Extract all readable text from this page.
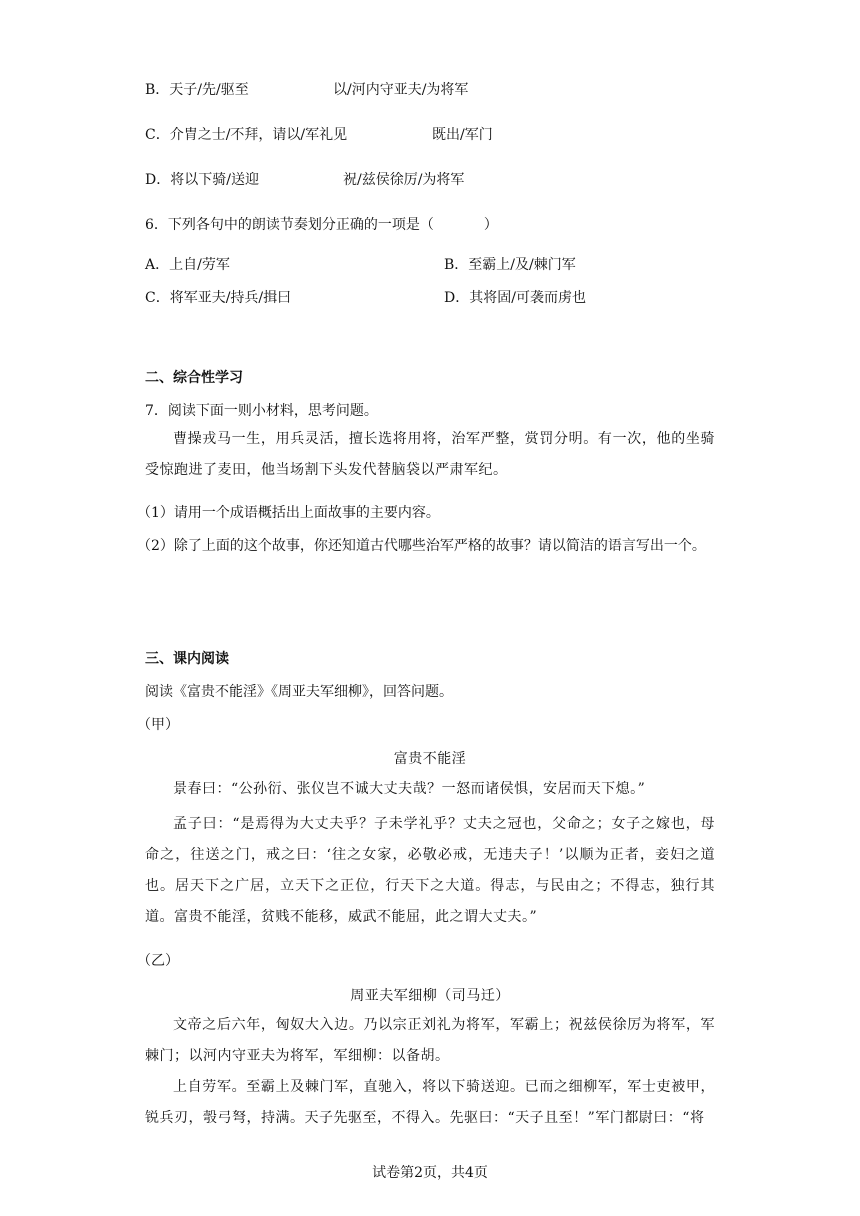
B．天子/先/驱至	以/河内守亚夫/为将军
C．介胄之士/不拜，请以/军礼见	既出/军门
D．将以下骑/送迎	祝/兹侯徐厉/为将军
6．下列各句中的朗读节奏划分正确的一项是（	）
A．上自/劳军	B．至霸上/及/棘门军
C．将军亚夫/持兵/揖曰	D．其将固/可袭而虏也
二、综合性学习
7．阅读下面一则小材料，思考问题。
曹操戎马一生，用兵灵活，擅长选将用将，治军严整，赏罚分明。有一次，他的坐骑受惊跑进了麦田，他当场割下头发代替脑袋以严肃军纪。
（1）请用一个成语概括出上面故事的主要内容。
（2）除了上面的这个故事，你还知道古代哪些治军严格的故事？请以简洁的语言写出一个。
三、课内阅读
阅读《富贵不能淫》《周亚夫军细柳》，回答问题。
（甲）
富贵不能淫
景春曰：“公孙衍、张仪岂不诚大丈夫哉？一怒而诸侯惧，安居而天下熄。”
孟子曰：“是焉得为大丈夫乎？子未学礼乎？丈夫之冠也，父命之；女子之嫁也，母命之，往送之门，戒之曰：‘往之女家，必敬必戒，无违夫子！’以顺为正者，妾妇之道也。居天下之广居，立天下之正位，行天下之大道。得志，与民由之；不得志，独行其道。富贵不能淫，贫贱不能移，威武不能屈，此之谓大丈夫。”
（乙）
周亚夫军细柳（司马迁）
文帝之后六年，匈奴大入边。乃以宗正刘礼为将军，军霸上；祝兹侯徐厉为将军，军棘门；以河内守亚夫为将军，军细柳：以备胡。
上自劳军。至霸上及棘门军，直驰入，将以下骑送迎。已而之细柳军，军士吏被甲，锐兵刃，彀弓弩，持满。天子先驱至，不得入。先驱曰：“天子且至！”军门都尉曰：“将
试卷第2页，共4页
